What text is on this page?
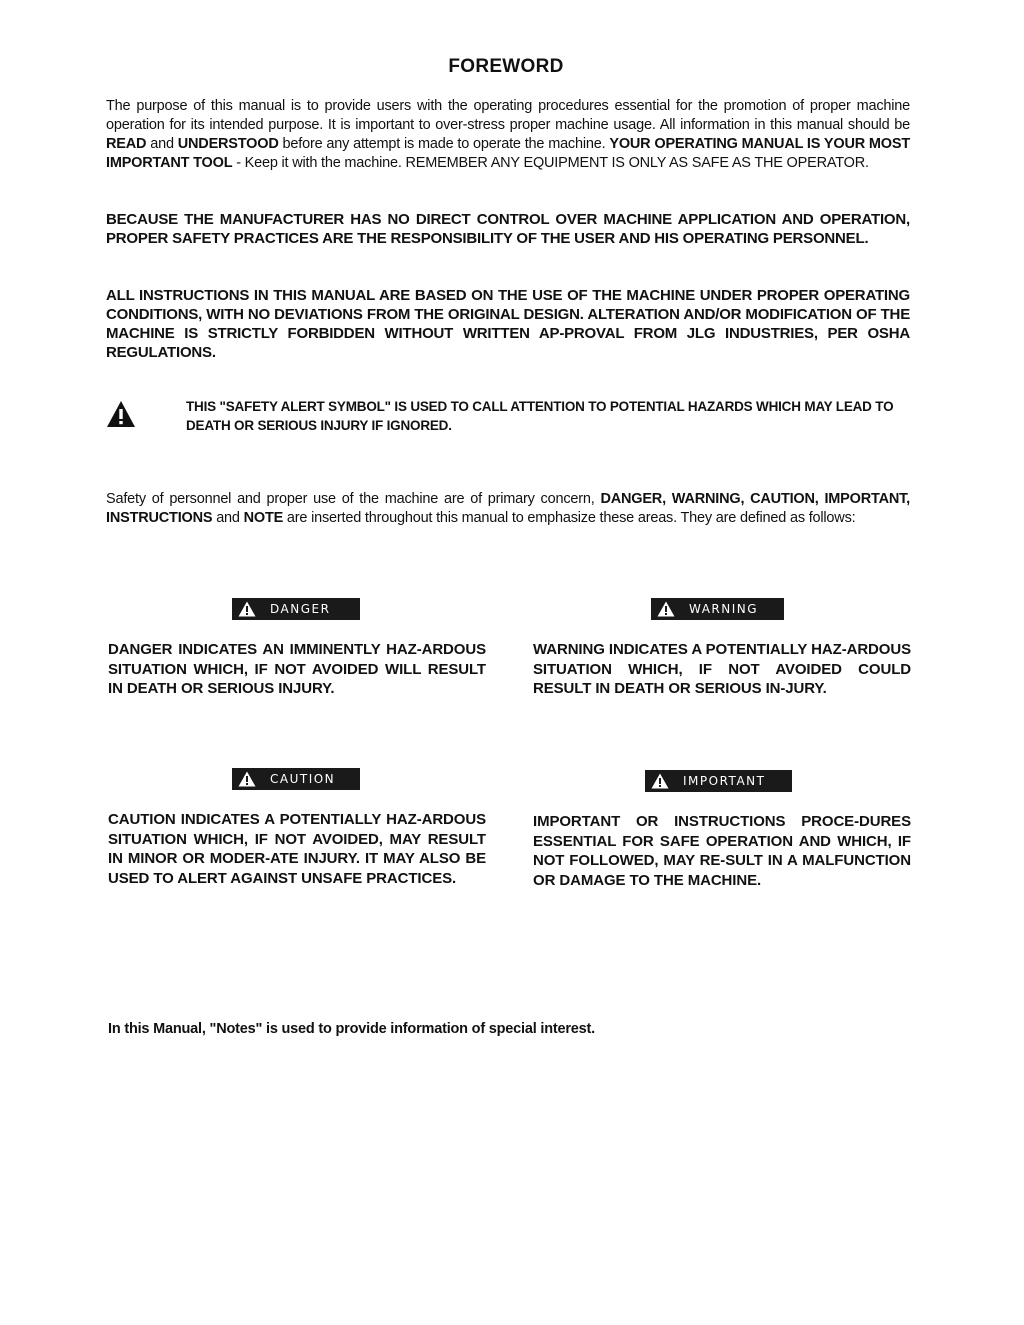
FOREWORD
The purpose of this manual is to provide users with the operating procedures essential for the promotion of proper machine operation for its intended purpose. It is important to over-stress proper machine usage. All information in this manual should be READ and UNDERSTOOD before any attempt is made to operate the machine. YOUR OPERATING MANUAL IS YOUR MOST IMPORTANT TOOL - Keep it with the machine. REMEMBER ANY EQUIPMENT IS ONLY AS SAFE AS THE OPERATOR.
BECAUSE THE MANUFACTURER HAS NO DIRECT CONTROL OVER MACHINE APPLICATION AND OPERATION, PROPER SAFETY PRACTICES ARE THE RESPONSIBILITY OF THE USER AND HIS OPERATING PERSONNEL.
ALL INSTRUCTIONS IN THIS MANUAL ARE BASED ON THE USE OF THE MACHINE UNDER PROPER OPERATING CONDITIONS, WITH NO DEVIATIONS FROM THE ORIGINAL DESIGN. ALTERATION AND/OR MODIFICATION OF THE MACHINE IS STRICTLY FORBIDDEN WITHOUT WRITTEN AP-PROVAL FROM JLG INDUSTRIES, PER OSHA REGULATIONS.
THIS "SAFETY ALERT SYMBOL" IS USED TO CALL ATTENTION TO POTENTIAL HAZARDS WHICH MAY LEAD TO DEATH OR SERIOUS INJURY IF IGNORED.
Safety of personnel and proper use of the machine are of primary concern, DANGER, WARNING, CAUTION, IMPORTANT, INSTRUCTIONS and NOTE are inserted throughout this manual to emphasize these areas. They are defined as follows:
DANGER
DANGER INDICATES AN IMMINENTLY HAZ-ARDOUS SITUATION WHICH, IF NOT AVOIDED WILL RESULT IN DEATH OR SERIOUS INJURY.
WARNING
WARNING INDICATES A POTENTIALLY HAZ-ARDOUS SITUATION WHICH, IF NOT AVOIDED COULD RESULT IN DEATH OR SERIOUS IN-JURY.
CAUTION
CAUTION INDICATES A POTENTIALLY HAZ-ARDOUS SITUATION WHICH, IF NOT AVOIDED, MAY RESULT IN MINOR OR MODER-ATE INJURY. IT MAY ALSO BE USED TO ALERT AGAINST UNSAFE PRACTICES.
IMPORTANT
IMPORTANT OR INSTRUCTIONS PROCE-DURES ESSENTIAL FOR SAFE OPERATION AND WHICH, IF NOT FOLLOWED, MAY RE-SULT IN A MALFUNCTION OR DAMAGE TO THE MACHINE.
In this Manual, "Notes" is used to provide information of special interest.
